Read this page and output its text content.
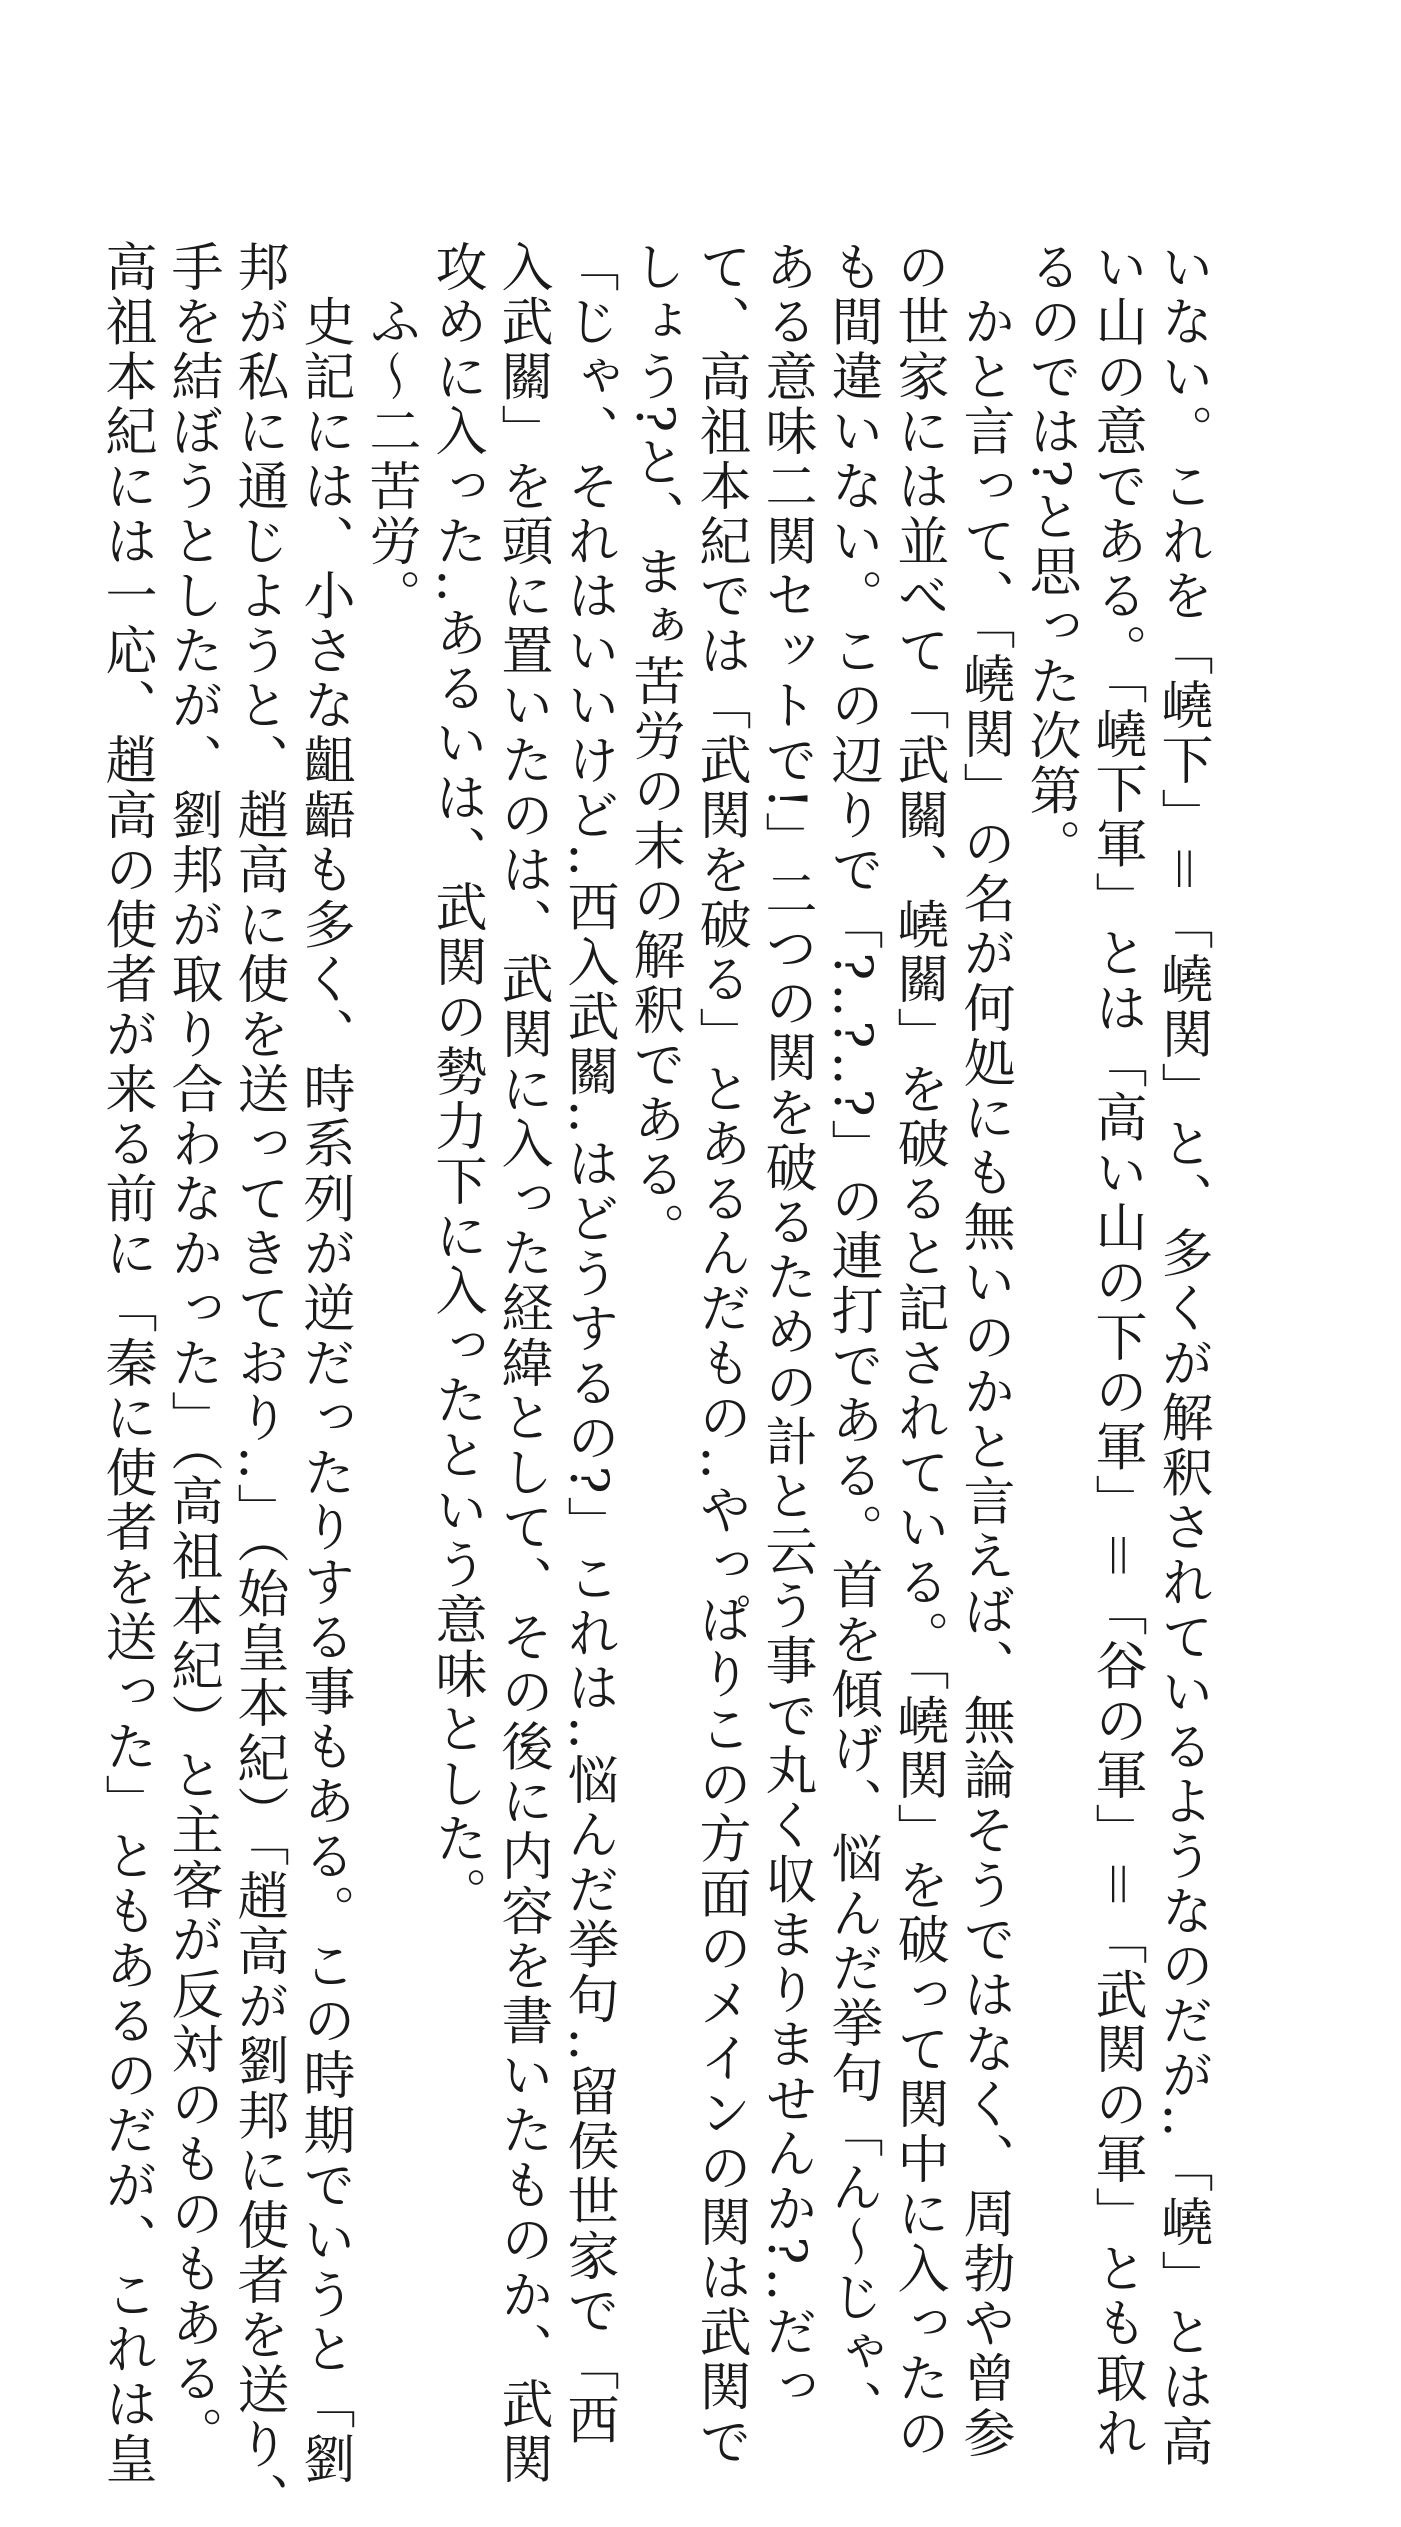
いない。これを「嶢下」＝「嶢関」と、多くが解釈されているようなのだが‥「嶢」とは高
い山の意である。「嶢下軍」とは「高い山の下の軍」＝「谷の軍」＝「武関の軍」とも取れ
るのでは?と思った次第。
　かと言って、「嶢関」の名が何処にも無いのかと言えば、無論そうではなく、周勃や曾参
の世家には並べて「武關、嶢關」を破ると記されている。「嶢関」を破って関中に入ったの
も間違いない。この辺りで「?‥?‥?」の連打である。首を傾げ、悩んだ挙句「ん〜じゃ、
ある意味二関セットで!」二つの関を破るための計と云う事で丸く収まりませんか?‥だっ
て、高祖本紀では「武関を破る」とあるんだもの‥やっぱりこの方面のメインの関は武関で
しょう?と、まぁ苦労の末の解釈である。
「じゃ、それはいいけど‥西入武關‥はどうするの?」これは‥悩んだ挙句‥留侯世家で「西
入武關」を頭に置いたのは、武関に入った経緯として、その後に内容を書いたものか、武関
攻めに入った‥あるいは、武関の勢力下に入ったという意味とした。
　ふ〜二苦労。
　史記には、小さな齟齬も多く、時系列が逆だったりする事もある。この時期でいうと「劉
邦が私に通じようと、趙高に使を送ってきており‥」（始皇本紀）「趙高が劉邦に使者を送り、
手を結ぼうとしたが、劉邦が取り合わなかった」（高祖本紀）と主客が反対のものもある。
高祖本紀には一応、趙高の使者が来る前に「秦に使者を送った」ともあるのだが、これは皇
